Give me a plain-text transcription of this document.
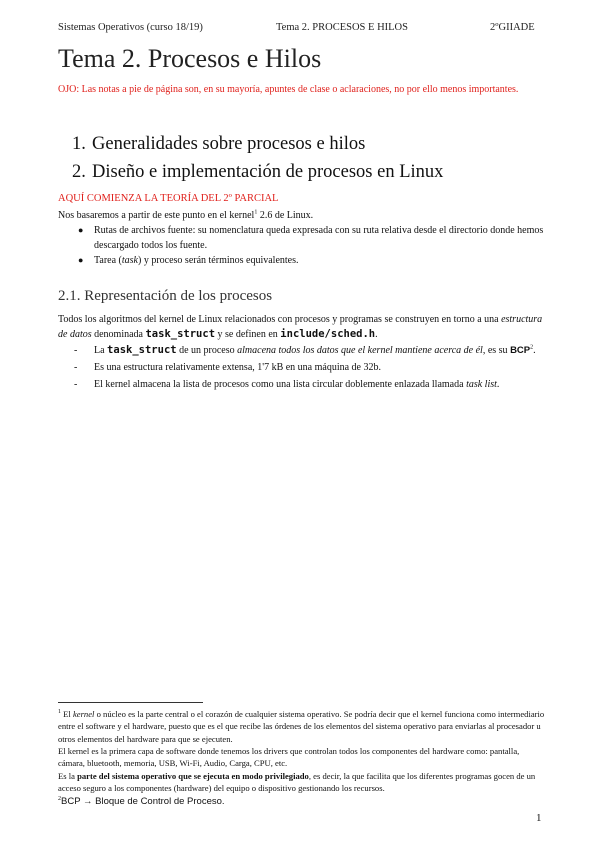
Sistemas Operativos (curso 18/19)	Tema 2. PROCESOS E HILOS	2ºGIIADE
Tema 2. Procesos e Hilos
OJO: Las notas a pie de página son, en su mayoría, apuntes de clase o aclaraciones, no por ello menos importantes.
1. Generalidades sobre procesos e hilos
2. Diseño e implementación de procesos en Linux
AQUÍ COMIENZA LA TEORÍA DEL 2º PARCIAL
Nos basaremos a partir de este punto en el kernel$^1$ 2.6 de Linux.
● Rutas de archivos fuente: su nomenclatura queda expresada con su ruta relativa desde el directorio donde hemos descargado todos los fuente.
● Tarea (task) y proceso serán términos equivalentes.
2.1. Representación de los procesos
Todos los algoritmos del kernel de Linux relacionados con procesos y programas se construyen en torno a una estructura de datos denominada task_struct y se definen en include/sched.h.
- La task_struct de un proceso almacena todos los datos que el kernel mantiene acerca de él, es su BCP$^2$.
- Es una estructura relativamente extensa, 1'7 kB en una máquina de 32b.
- El kernel almacena la lista de procesos como una lista circular doblemente enlazada llamada task list.
$^1$ El kernel o núcleo es la parte central o el corazón de cualquier sistema operativo. Se podría decir que el kernel funciona como intermediario entre el software y el hardware, puesto que es el que recibe las órdenes de los elementos del sistema operativo para enviarlas al procesador u otros elementos del hardware para que se ejecuten.
El kernel es la primera capa de software donde tenemos los drivers que controlan todos los componentes del hardware como: pantalla, cámara, bluetooth, memoria, USB, Wi-Fi, Audio, Carga, CPU, etc.
Es la parte del sistema operativo que se ejecuta en modo privilegiado, es decir, la que facilita que los diferentes programas gocen de un acceso seguro a los componentes (hardware) del equipo o dispositivo gestionando los recursos.
$^2$BCP → Bloque de Control de Proceso.
1
